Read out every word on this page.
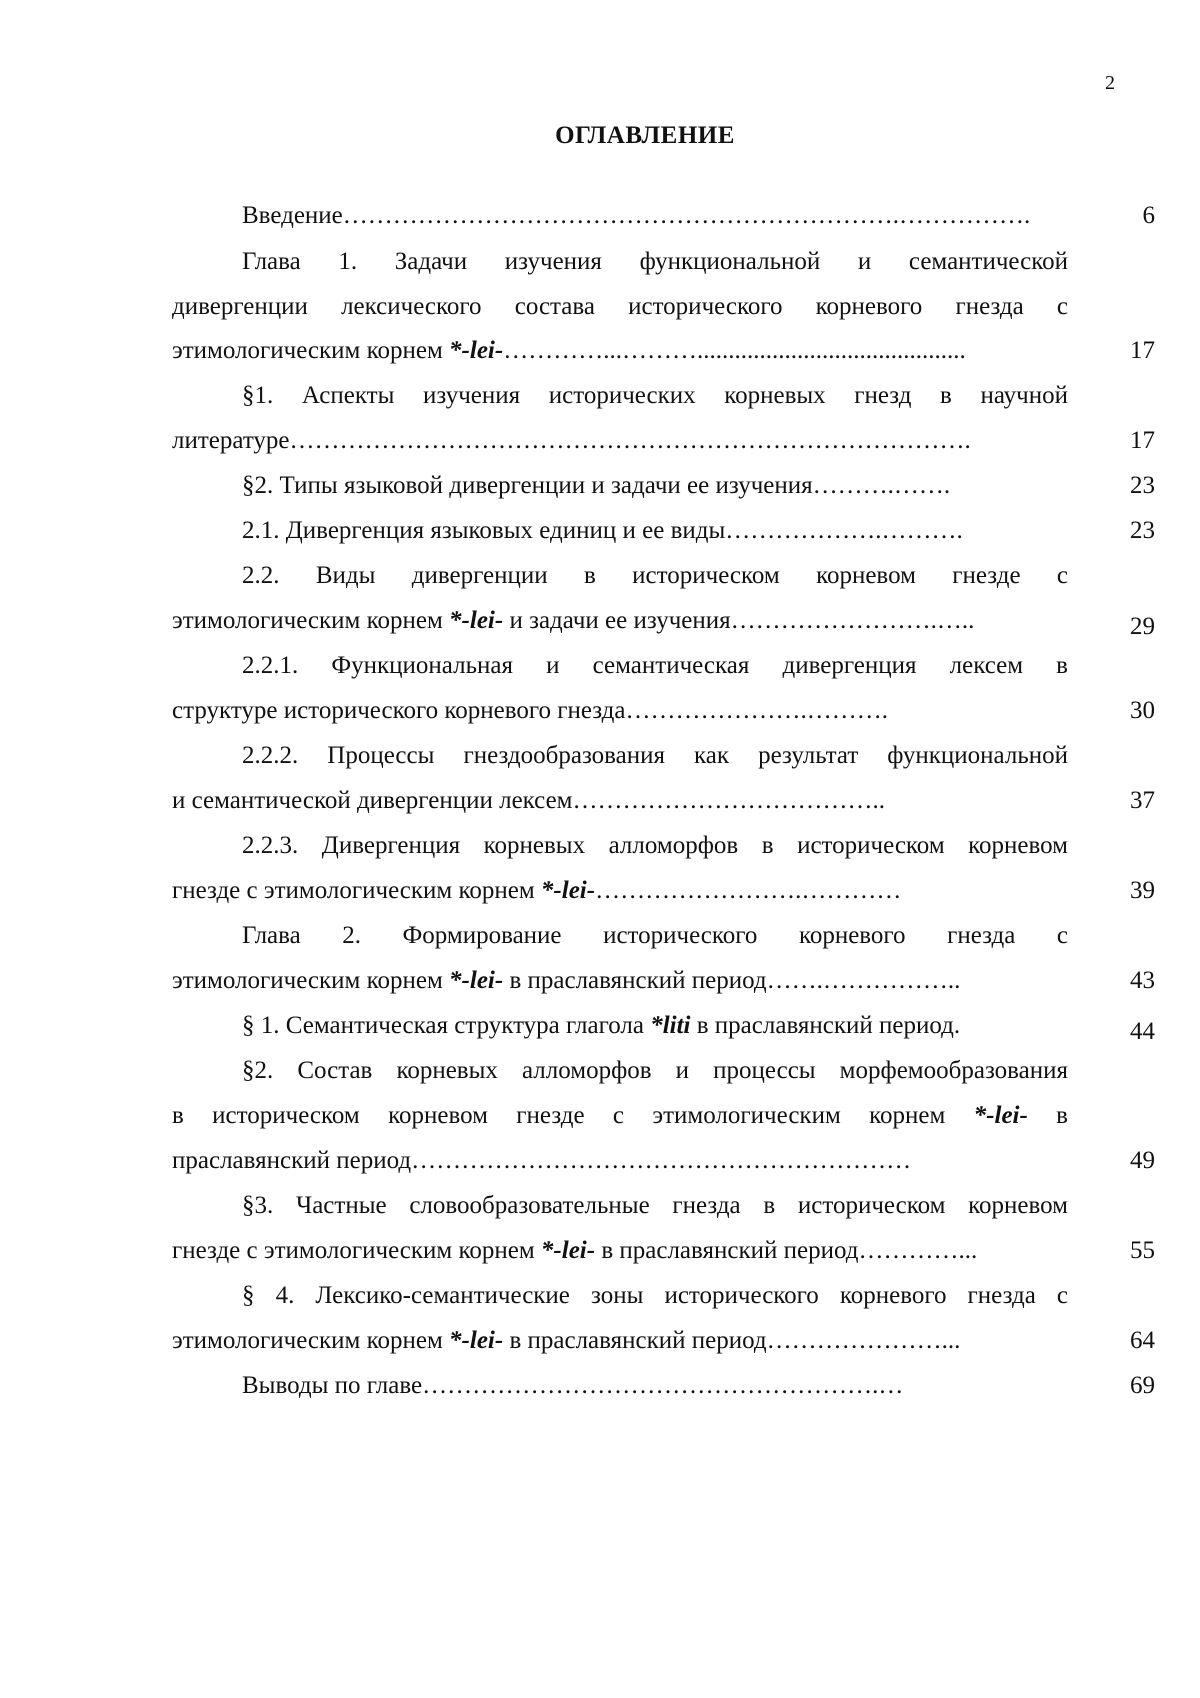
2
ОГЛАВЛЕНИЕ
Введение………………………………………………………….…………….	6
Глава 1. Задачи изучения функциональной и семантической
дивергенции лексического состава исторического корневого гнезда с
этимологическим корнем *-lei-…………...………...........................................	17
§1. Аспекты изучения исторических корневых гнезд в научной
литературе……………………………………………………………………….	17
§2. Типы языковой дивергенции и задачи ее изучения……….…….	23
2.1. Дивергенция языковых единиц и ее виды……………….……….	23
2.2. Виды дивергенции в историческом корневом гнезде с
этимологическим корнем *-lei- и задачи ее изучения…………………….…..	29
2.2.1. Функциональная и семантическая дивергенция лексем в
структуре исторического корневого гнезда………………….……….	30
2.2.2. Процессы гнездообразования как результат функциональной
и семантической дивергенции лексем………………………………..	37
2.2.3. Дивергенция корневых алломорфов в историческом корневом
гнезде с этимологическим корнем *-lei-…………………….…………	39
Глава 2. Формирование исторического корневого гнезда с
этимологическим корнем *-lei- в праславянский период…….……………..	43
§ 1. Семантическая структура глагола *liti в праславянский период.	44
§2. Состав корневых алломорфов и процессы морфемообразования
в историческом корневом гнезде с этимологическим корнем *-lei- в
праславянский период……………………………………………………	49
§3. Частные словообразовательные гнезда в историческом корневом
гнезде с этимологическим корнем *-lei- в праславянский период…………...	55
§ 4. Лексико-семантические зоны исторического корневого гнезда с
этимологическим корнем *-lei- в праславянский период…………………...	64
Выводы по главе……………………………………………….…	69
